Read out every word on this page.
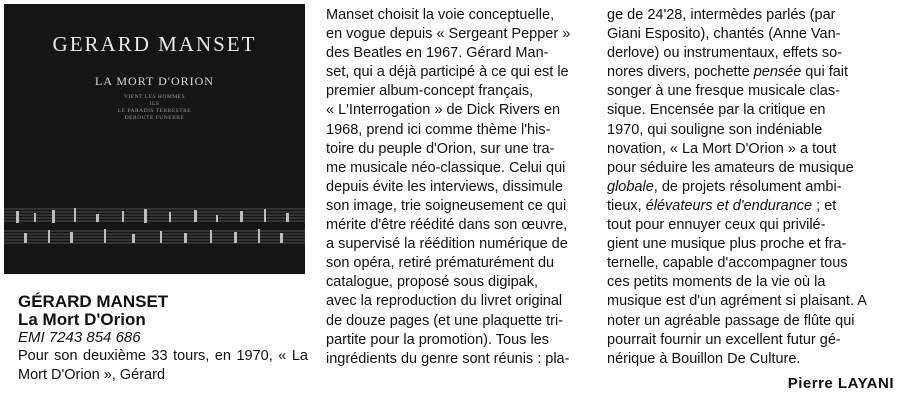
GERARD MANSET
LA MORT D'ORION
VIENT LES HOMMES
ILS
LE PARADIS TERRESTRE
DEROUTE FUNEBRE

GÉRARD MANSET

La Mort D'Orion

EMI 7243 854 686

Pour son deuxième 33 tours, en 1970, « La Mort D'Orion », Gérard

Manset choisit la voie conceptuelle,
en vogue depuis « Sergeant Pepper »
des Beatles en 1967. Gérard Man-
set, qui a déjà participé à ce qui est le
premier album-concept français,
« L'Interrogation » de Dick Rivers en
1968, prend ici comme thème l'his-
toire du peuple d'Orion, sur une tra-
me musicale néo-classique. Celui qui
depuis évite les interviews, dissimule
son image, trie soigneusement ce qui
mérite d'être réédité dans son œuvre,
a supervisé la réédition numérique de
son opéra, retiré prématurément du
catalogue, proposé sous digipak,
avec la reproduction du livret original
de douze pages (et une plaquette tri-
partite pour la promotion). Tous les
ingrédients du genre sont réunis : pla-
ge de 24'28, intermèdes parlés (par
Giani Esposito), chantés (Anne Van-
derlove) ou instrumentaux, effets so-
nores divers, pochette pensée qui fait
songer à une fresque musicale clas-
sique. Encensée par la critique en
1970, qui souligne son indéniable
novation, « La Mort D'Orion » a tout
pour séduire les amateurs de musique
globale, de projets résolument ambi-
tieux, élévateurs et d'endurance ; et
tout pour ennuyer ceux qui privilé-
gient une musique plus proche et fra-
ternelle, capable d'accompagner tous
ces petits moments de la vie où la
musique est d'un agrément si plaisant. A
noter un agréable passage de flûte qui
pourrait fournir un excellent futur gé-
nérique à Bouillon De Culture.
Pierre LAYANI
